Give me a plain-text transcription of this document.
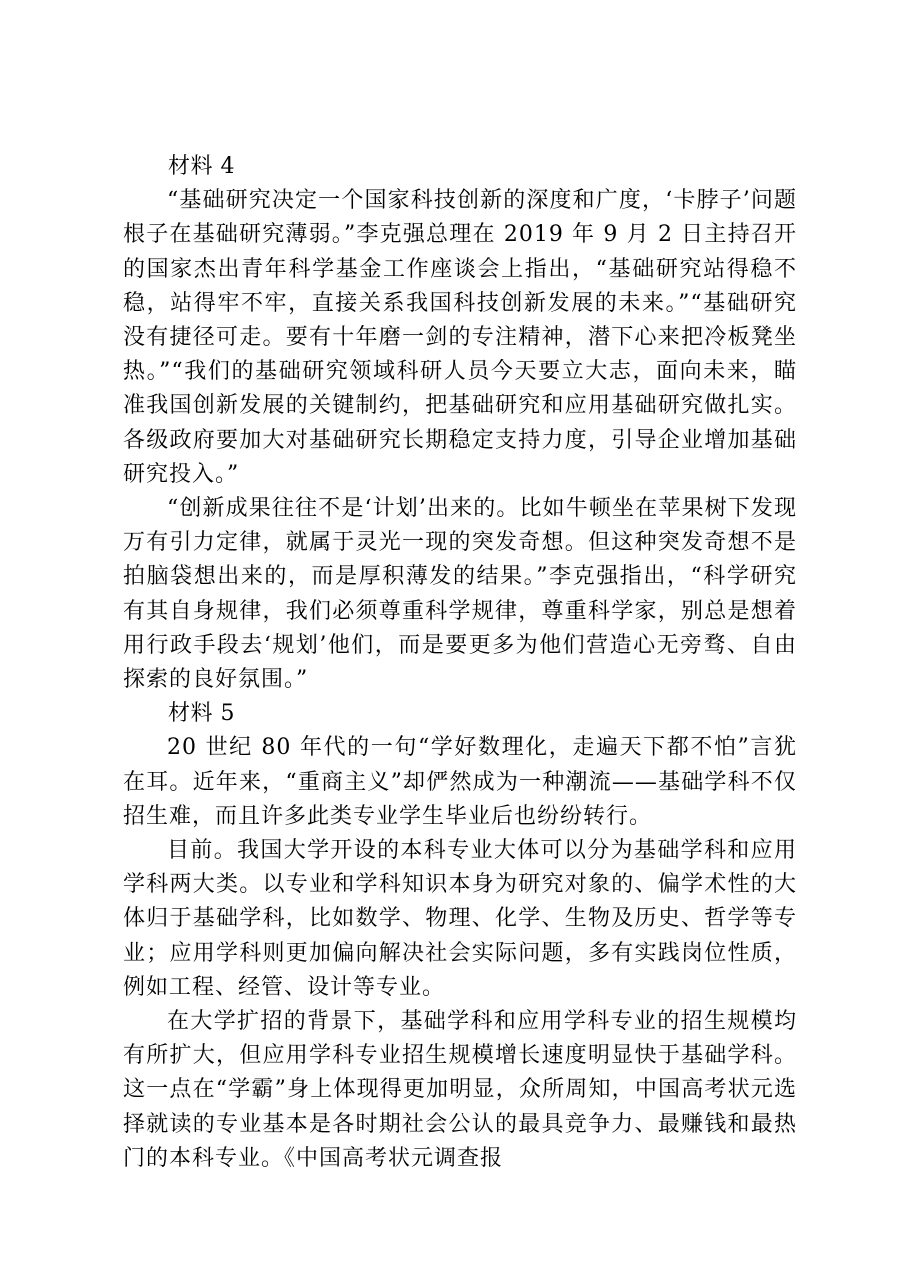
材料 4

“基础研究决定一个国家科技创新的深度和广度，‘卡脖子’问题根子在基础研究薄弱。”李克强总理在 2019 年 9 月 2 日主持召开的国家杰出青年科学基金工作座谈会上指出，“基础研究站得稳不稳，站得牢不牢，直接关系我国科技创新发展的未来。”“基础研究没有捷径可走。要有十年磨一剑的专注精神，潜下心来把冷板凳坐热。”“我们的基础研究领域科研人员今天要立大志，面向未来，瞄准我国创新发展的关键制约，把基础研究和应用基础研究做扎实。各级政府要加大对基础研究长期稳定支持力度，引导企业增加基础研究投入。”

“创新成果往往不是‘计划’出来的。比如牛顿坐在苹果树下发现万有引力定律，就属于灵光一现的突发奇想。但这种突发奇想不是拍脑袋想出来的，而是厚积薄发的结果。”李克强指出，“科学研究有其自身规律，我们必须尊重科学规律，尊重科学家，别总是想着用行政手段去‘规划’他们，而是要更多为他们营造心无旁骛、自由探索的良好氛围。”

材料 5

20 世纪 80 年代的一句“学好数理化，走遍天下都不怕”言犹在耳。近年来，“重商主义”却俨然成为一种潮流——基础学科不仅招生难，而且许多此类专业学生毕业后也纷纷转行。

目前。我国大学开设的本科专业大体可以分为基础学科和应用学科两大类。以专业和学科知识本身为研究对象的、偏学术性的大体归于基础学科，比如数学、物理、化学、生物及历史、哲学等专业；应用学科则更加偏向解决社会实际问题，多有实践岗位性质，例如工程、经管、设计等专业。

在大学扩招的背景下，基础学科和应用学科专业的招生规模均有所扩大，但应用学科专业招生规模增长速度明显快于基础学科。这一点在“学霸”身上体现得更加明显，众所周知，中国高考状元选择就读的专业基本是各时期社会公认的最具竞争力、最赚钱和最热门的本科专业。《中国高考状元调查报
